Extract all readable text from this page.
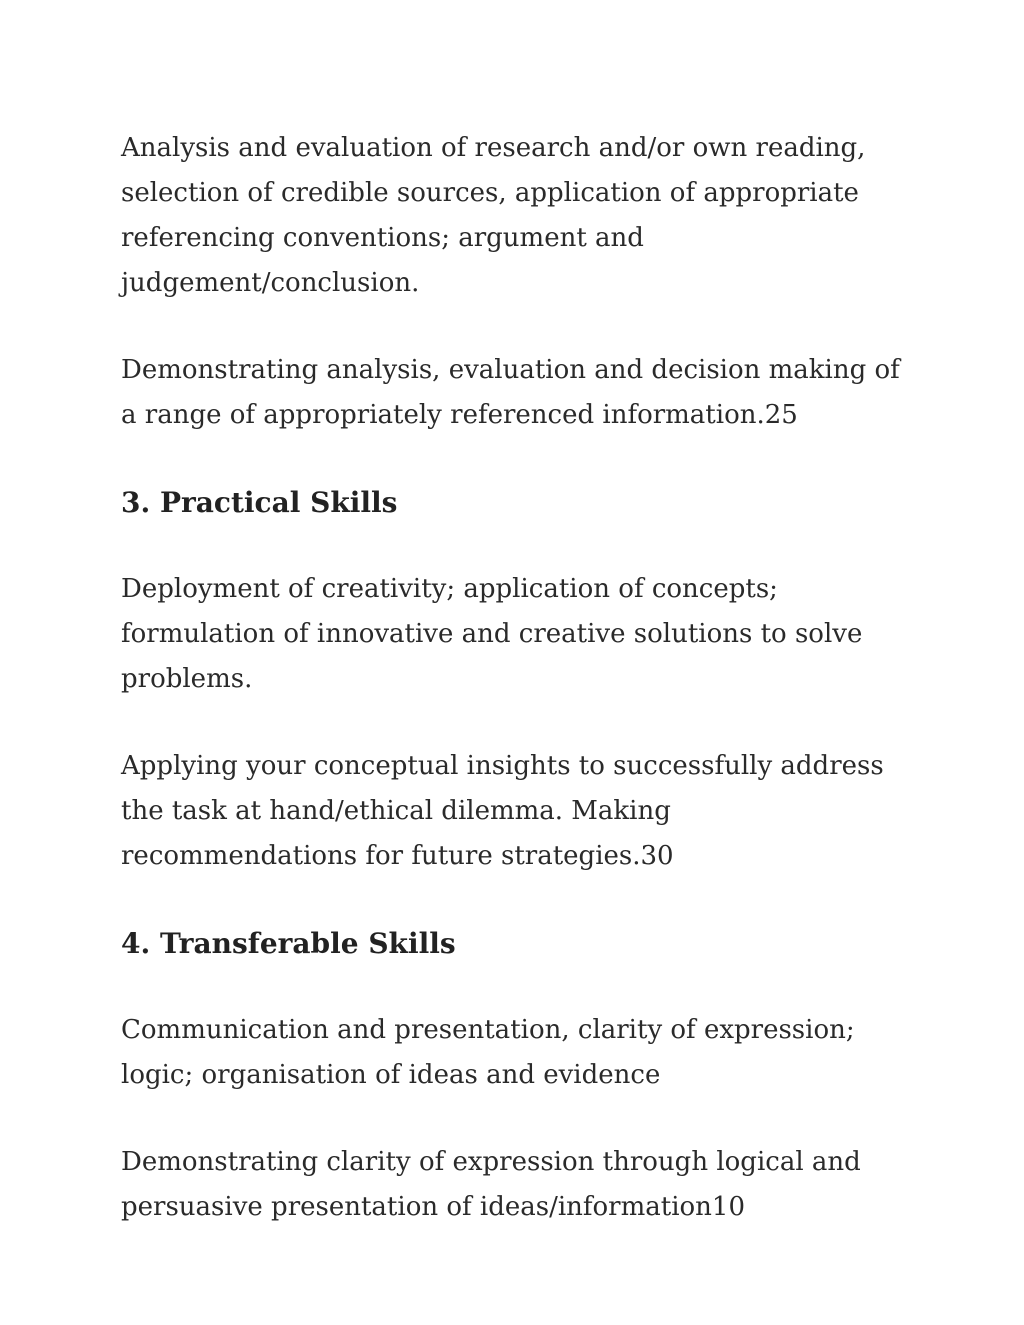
Analysis and evaluation of research and/or own reading, selection of credible sources, application of appropriate referencing conventions; argument and judgement/conclusion.

Demonstrating analysis, evaluation and decision making of a range of appropriately referenced information.25

3. Practical Skills

Deployment of creativity; application of concepts; formulation of innovative and creative solutions to solve problems.

Applying your conceptual insights to successfully address the task at hand/ethical dilemma. Making recommendations for future strategies.30

4. Transferable Skills

Communication and presentation, clarity of expression; logic; organisation of ideas and evidence

Demonstrating clarity of expression through logical and persuasive presentation of ideas/information10
